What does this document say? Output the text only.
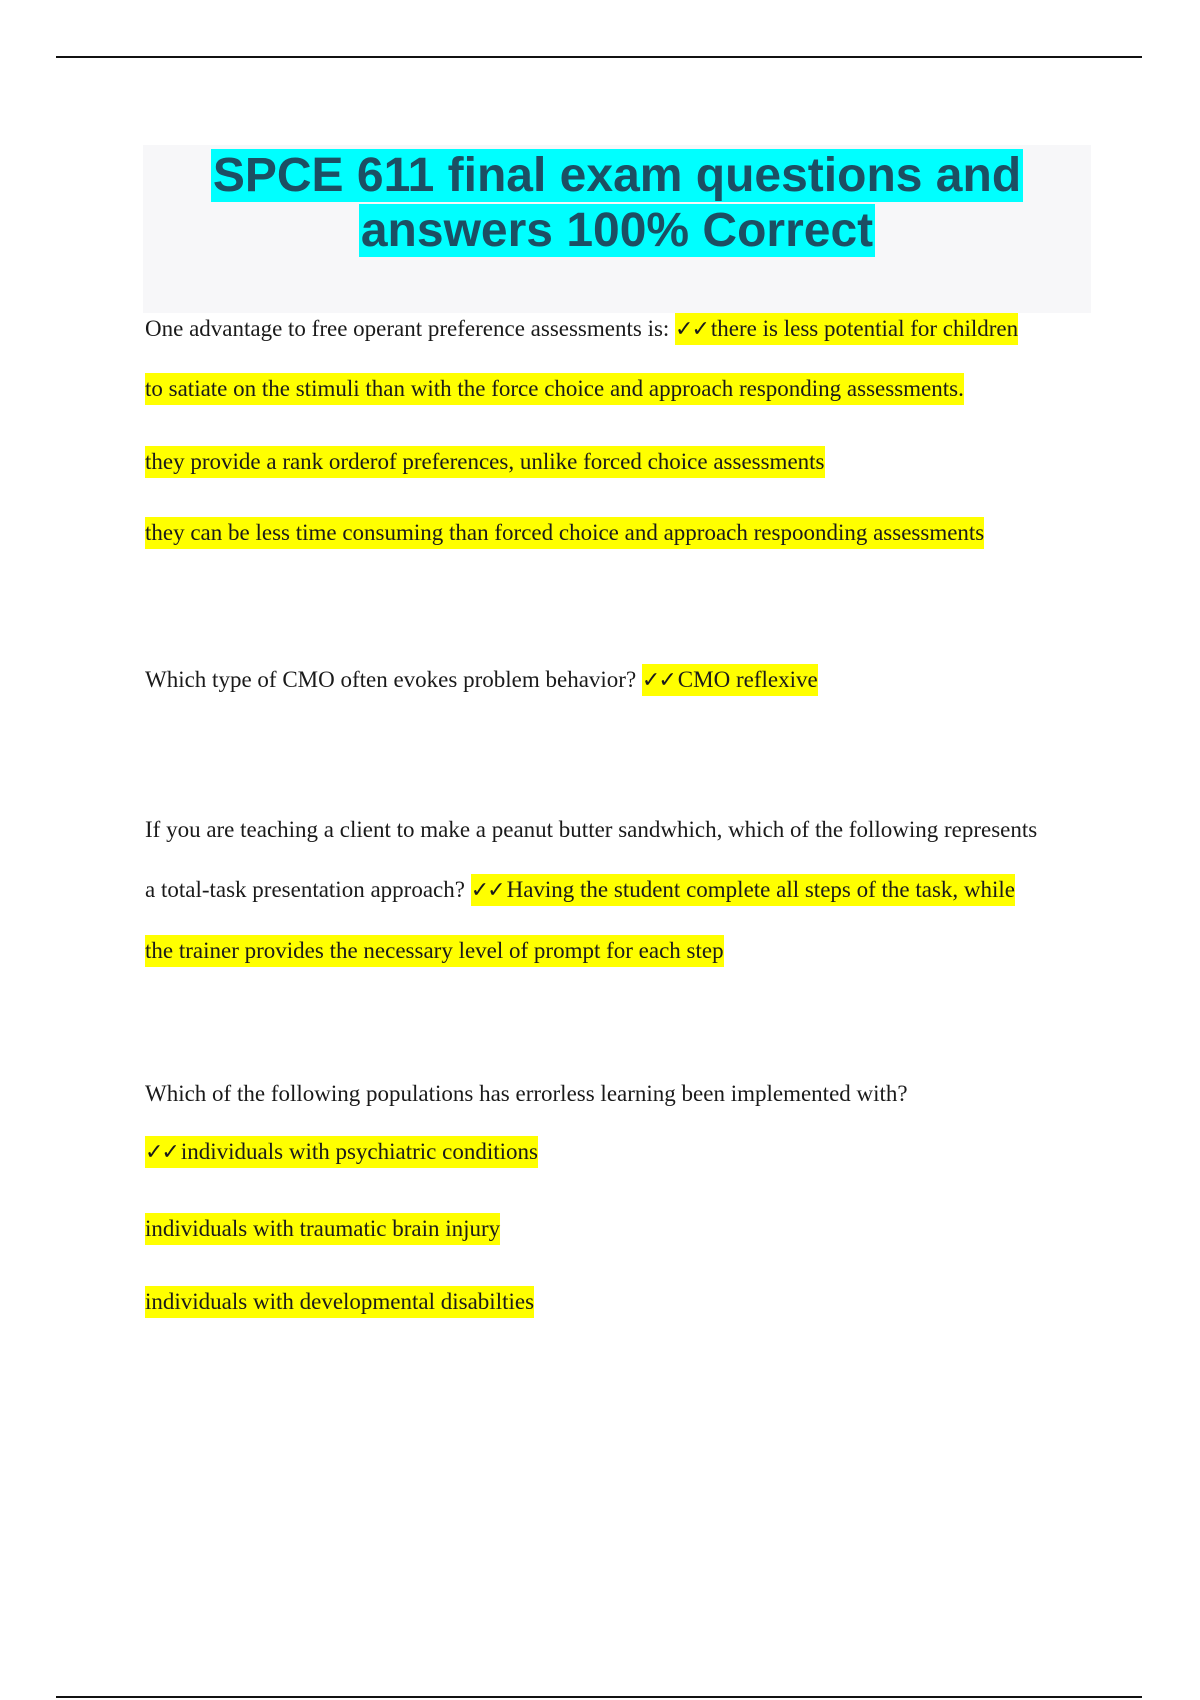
SPCE 611 final exam questions and
answers 100% Correct
One advantage to free operant preference assessments is: ✓✓ there is less potential for children
to satiate on the stimuli than with the force choice and approach responding assessments.
they provide a rank orderof preferences, unlike forced choice assessments
they can be less time consuming than forced choice and approach respoonding assessments
Which type of CMO often evokes problem behavior? ✓✓ CMO reflexive
If you are teaching a client to make a peanut butter sandwhich, which of the following represents
a total-task presentation approach? ✓✓ Having the student complete all steps of the task, while
the trainer provides the necessary level of prompt for each step
Which of the following populations has errorless learning been implemented with?
✓✓ individuals with psychiatric conditions
individuals with traumatic brain injury
individuals with developmental disabilties
